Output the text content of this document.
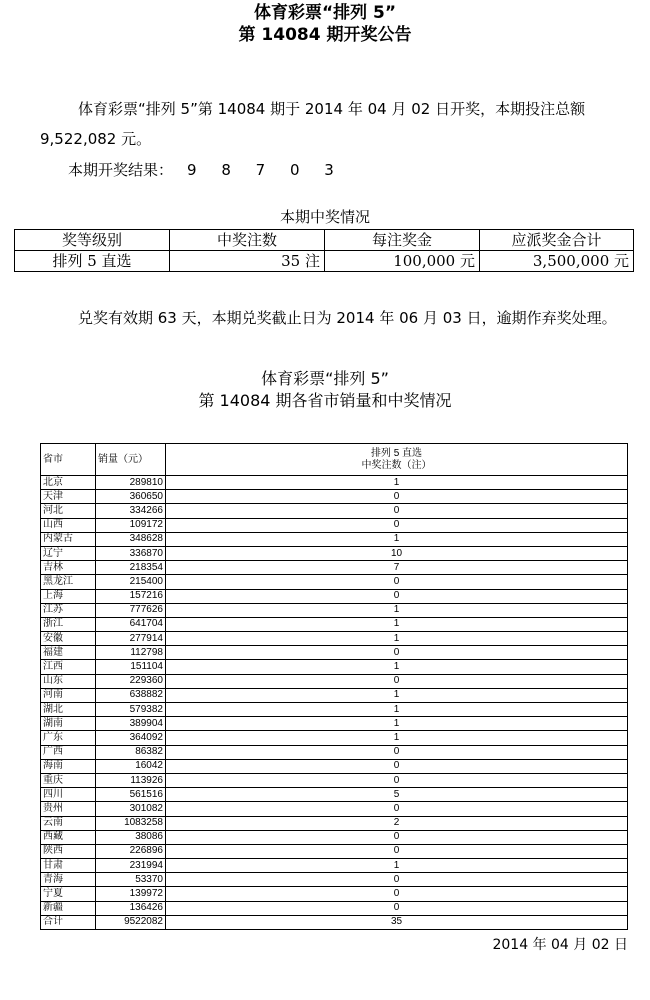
体育彩票“排列 5”
第 14084 期开奖公告
体育彩票“排列 5”第 14084 期于 2014 年 04 月 02 日开奖，本期投注总额 9,522,082 元。
本期开奖结果： 9 8 7 0 3
本期中奖情况
奖等级别	中奖注数	每注奖金	应派奖金合计
排列 5 直选	35 注	100,000 元	3,500,000 元
兑奖有效期 63 天，本期兑奖截止日为 2014 年 06 月 03 日，逾期作弃奖处理。
体育彩票“排列 5”
第 14084 期各省市销量和中奖情况
省市	销量（元）	排列 5 直选
中奖注数（注）

北京	289810	1
天津	360650	0
河北	334266	0
山西	109172	0
内蒙古	348628	1
辽宁	336870	10
吉林	218354	7
黑龙江	215400	0
上海	157216	0
江苏	777626	1
浙江	641704	1
安徽	277914	1
福建	112798	0
江西	151104	1
山东	229360	0
河南	638882	1
湖北	579382	1
湖南	389904	1
广东	364092	1
广西	86382	0
海南	16042	0
重庆	113926	0
四川	561516	5
贵州	301082	0
云南	1083258	2
西藏	38086	0
陕西	226896	0
甘肃	231994	1
青海	53370	0
宁夏	139972	0
新疆	136426	0
合计	9522082	35
2014 年 04 月 02 日
